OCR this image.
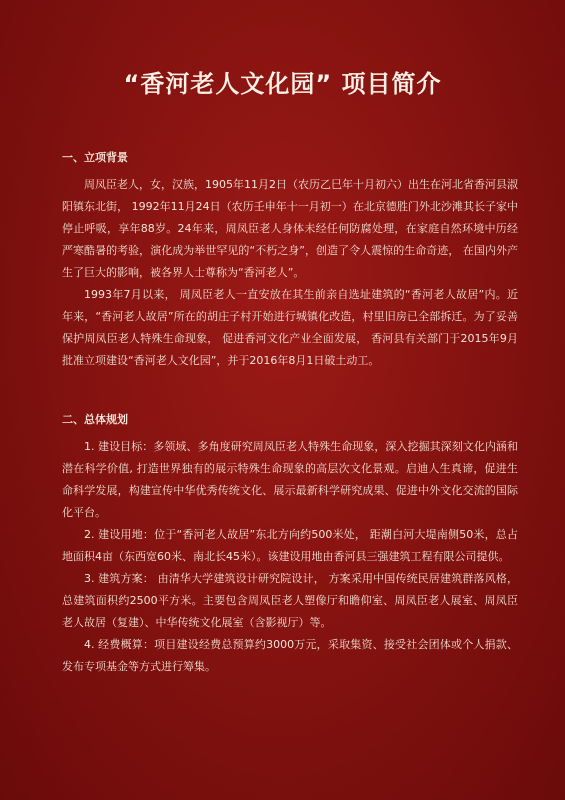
“香河老人文化园” 项目简介

一、立项背景

周凤臣老人，女，汉族，1905年11月2日（农历乙巳年十月初六）出生在河北省香河县淑阳镇东北街， 1992年11月24日（农历壬申年十一月初一）在北京德胜门外北沙滩其长子家中停止呼吸，享年88岁。24年来，周凤臣老人身体未经任何防腐处理，在家庭自然环境中历经严寒酷暑的考验，演化成为举世罕见的“不朽之身”，创造了令人震惊的生命奇迹， 在国内外产生了巨大的影响，被各界人士尊称为“香河老人”。

1993年7月以来， 周凤臣老人一直安放在其生前亲自选址建筑的“香河老人故居”内。近年来，“香河老人故居”所在的胡庄子村开始进行城镇化改造，村里旧房已全部拆迁。为了妥善保护周凤臣老人特殊生命现象， 促进香河文化产业全面发展， 香河县有关部门于2015年9月批准立项建设“香河老人文化园”，并于2016年8月1日破土动工。

二、总体规划

1. 建设目标：多领域、多角度研究周凤臣老人特殊生命现象，深入挖掘其深刻文化内涵和潜在科学价值, 打造世界独有的展示特殊生命现象的高层次文化景观。启迪人生真谛，促进生命科学发展，构建宣传中华优秀传统文化、展示最新科学研究成果、促进中外文化交流的国际化平台。

2. 建设用地：位于“香河老人故居”东北方向约500米处， 距潮白河大堤南侧50米，总占地面积4亩（东西宽60米、南北长45米）。该建设用地由香河县三强建筑工程有限公司提供。

3. 建筑方案： 由清华大学建筑设计研究院设计， 方案采用中国传统民居建筑群落风格，总建筑面积约2500平方米。主要包含周凤臣老人塑像厅和瞻仰室、周凤臣老人展室、周凤臣老人故居（复建）、中华传统文化展室（含影视厅）等。

4. 经费概算：项目建设经费总预算约3000万元，采取集资、接受社会团体或个人捐款、发布专项基金等方式进行筹集。
